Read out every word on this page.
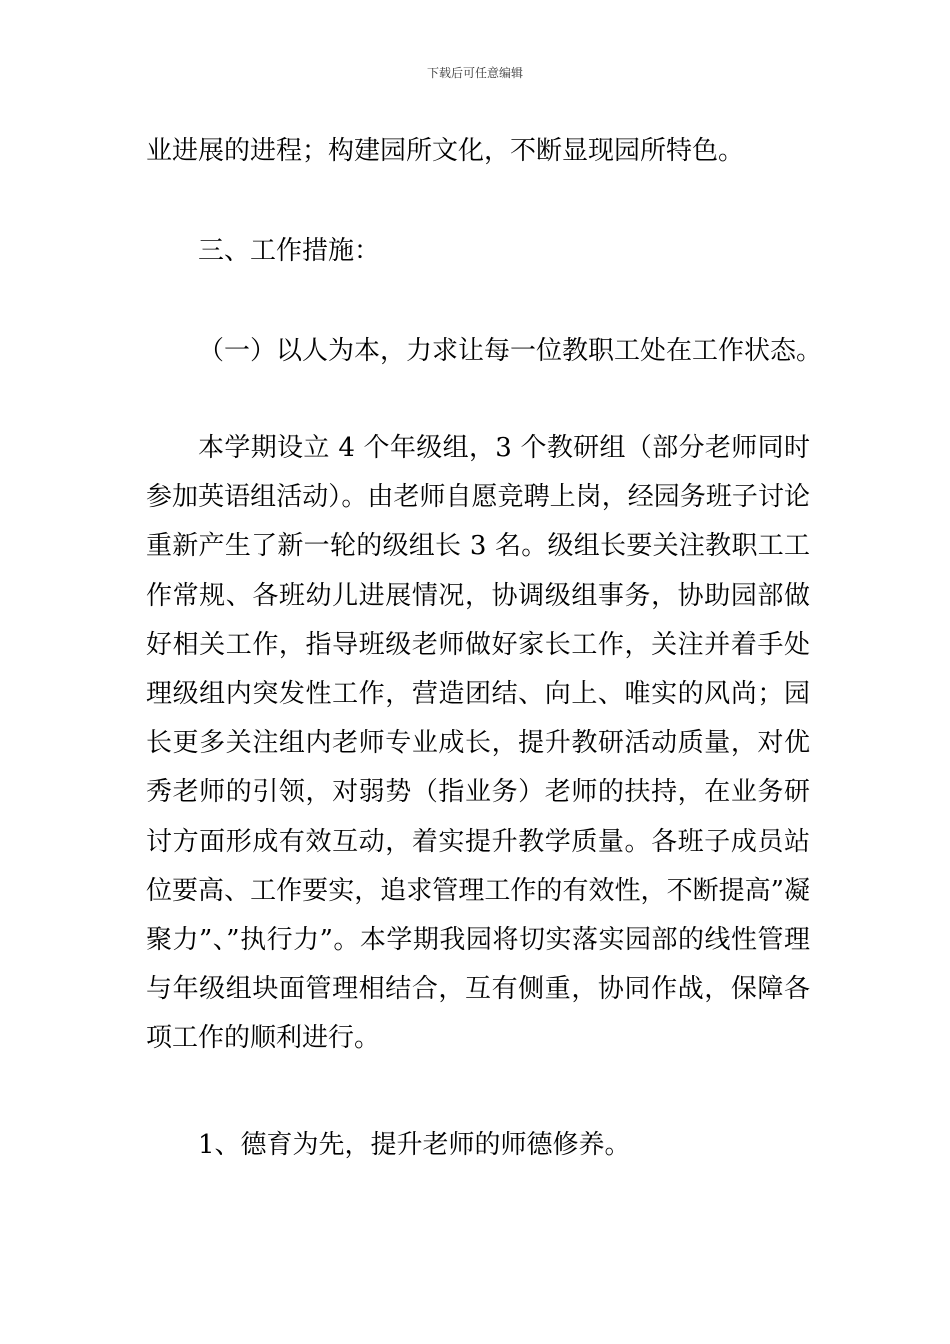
下载后可任意编辑
业进展的进程；构建园所文化，不断显现园所特色。
三、工作措施：
（一）以人为本，力求让每一位教职工处在工作状态。

本学期设立 4 个年级组，3 个教研组（部分老师同时参加英语组活动）。由老师自愿竞聘上岗，经园务班子讨论重新产生了新一轮的级组长 3 名。级组长要关注教职工工作常规、各班幼儿进展情况，协调级组事务，协助园部做好相关工作，指导班级老师做好家长工作，关注并着手处理级组内突发性工作，营造团结、向上、唯实的风尚；园长更多关注组内老师专业成长，提升教研活动质量，对优秀老师的引领，对弱势（指业务）老师的扶持，在业务研讨方面形成有效互动，着实提升教学质量。各班子成员站位要高、工作要实，追求管理工作的有效性，不断提高”凝聚力”、”执行力”。本学期我园将切实落实园部的线性管理与年级组块面管理相结合，互有侧重，协同作战，保障各项工作的顺利进行。

1、德育为先，提升老师的师德修养。
